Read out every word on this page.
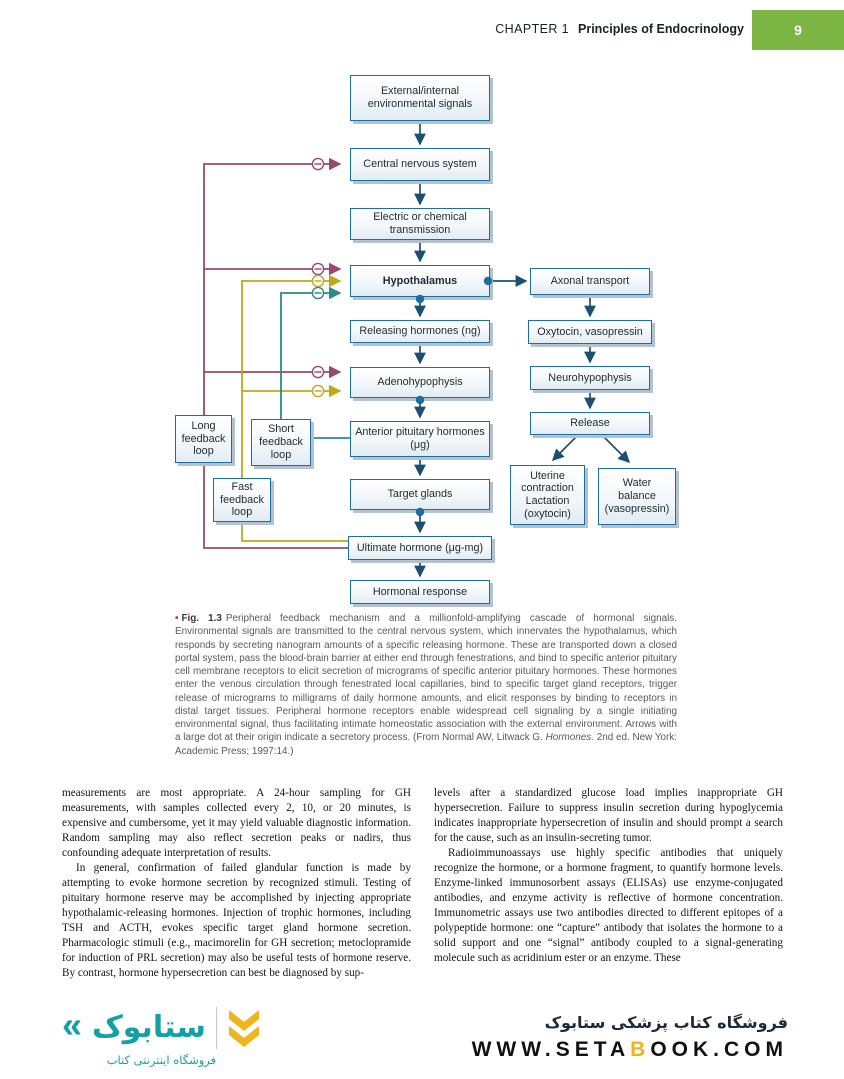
CHAPTER 1 Principles of Endocrinology	9
External/internal environmental signals
Central nervous system
Electric or chemical transmission
Hypothalamus
Releasing hormones (ng)
Adenohypophysis
Anterior pituitary hormones (μg)
Target glands
Ultimate hormone (μg-mg)
Hormonal response
Axonal transport
Oxytocin, vasopressin
Neurohypophysis
Release
Uterine contraction Lactation (oxytocin)
Water balance (vasopressin)
Long feedback loop
Short feedback loop
Fast feedback loop
• Fig. 1.3 Peripheral feedback mechanism and a millionfold-amplifying cascade of hormonal signals. Environmental signals are transmitted to the central nervous system, which innervates the hypothalamus, which responds by secreting nanogram amounts of a specific releasing hormone. These are transported down a closed portal system, pass the blood-brain barrier at either end through fenestrations, and bind to specific anterior pituitary cell membrane receptors to elicit secretion of micrograms of specific anterior pituitary hormones. These hormones enter the venous circulation through fenestrated local capillaries, bind to specific target gland receptors, trigger release of micrograms to milligrams of daily hormone amounts, and elicit responses by binding to receptors in distal target tissues. Peripheral hormone receptors enable widespread cell signaling by a single initiating environmental signal, thus facilitating intimate homeostatic association with the external environment. Arrows with a large dot at their origin indicate a secretory process. (From Normal AW, Litwack G. Hormones. 2nd ed. New York: Academic Press; 1997:14.)

measurements are most appropriate. A 24-hour sampling for GH measurements, with samples collected every 2, 10, or 20 minutes, is expensive and cumbersome, yet it may yield valuable diagnostic information. Random sampling may also reflect secretion peaks or nadirs, thus confounding adequate interpretation of results.

In general, confirmation of failed glandular function is made by attempting to evoke hormone secretion by recognized stimuli. Testing of pituitary hormone reserve may be accomplished by injecting appropriate hypothalamic-releasing hormones. Injection of trophic hormones, including TSH and ACTH, evokes specific target gland hormone secretion. Pharmacologic stimuli (e.g., macimorelin for GH secretion; metoclopramide for induction of PRL secretion) may also be useful tests of hormone reserve. By contrast, hormone hypersecretion can best be diagnosed by sup-

levels after a standardized glucose load implies inappropriate GH hypersecretion. Failure to suppress insulin secretion during hypoglycemia indicates inappropriate hypersecretion of insulin and should prompt a search for the cause, such as an insulin-secreting tumor.

Radioimmunoassays use highly specific antibodies that uniquely recognize the hormone, or a hormone fragment, to quantify hormone levels. Enzyme-linked immunosorbent assays (ELISAs) use enzyme-conjugated antibodies, and enzyme activity is reflective of hormone concentration. Immunometric assays use two antibodies directed to different epitopes of a polypeptide hormone: one “capture” antibody that isolates the hormone to a solid support and one “signal” antibody coupled to a signal-generating molecule such as acridinium ester or an enzyme. These

« ستابوک
فروشگاه اینترنتی کتاب
فروشگاه کتاب پزشکی ستابوک
WWW.SETABOOK.COM
